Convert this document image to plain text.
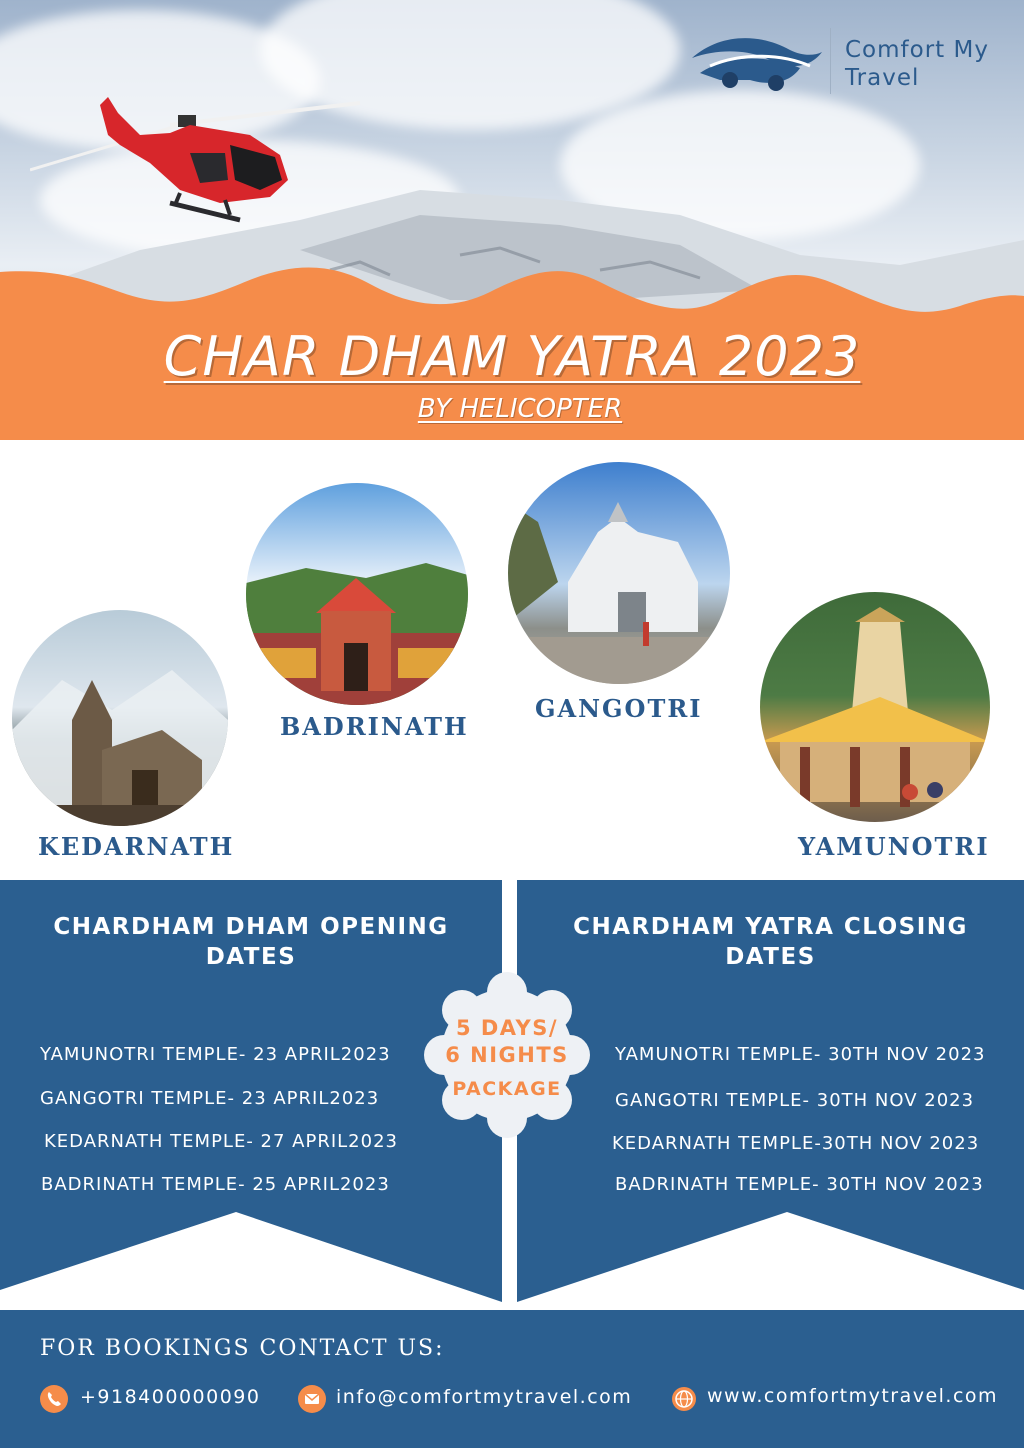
Comfort My
Travel
CHAR DHAM YATRA 2023
BY HELICOPTER
KEDARNATH
BADRINATH
GANGOTRI
YAMUNOTRI
CHARDHAM DHAM OPENING
DATES
YAMUNOTRI TEMPLE- 23 APRIL2023
GANGOTRI TEMPLE- 23 APRIL2023
KEDARNATH TEMPLE- 27 APRIL2023
BADRINATH TEMPLE- 25 APRIL2023
CHARDHAM YATRA CLOSING
DATES
YAMUNOTRI TEMPLE- 30TH NOV 2023
GANGOTRI TEMPLE- 30TH NOV 2023
KEDARNATH TEMPLE-30TH NOV 2023
BADRINATH TEMPLE- 30TH NOV 2023
5 DAYS/
6 NIGHTS
PACKAGE
FOR BOOKINGS CONTACT US:
+918400000090	info@comfortmytravel.com	www.comfortmytravel.com
